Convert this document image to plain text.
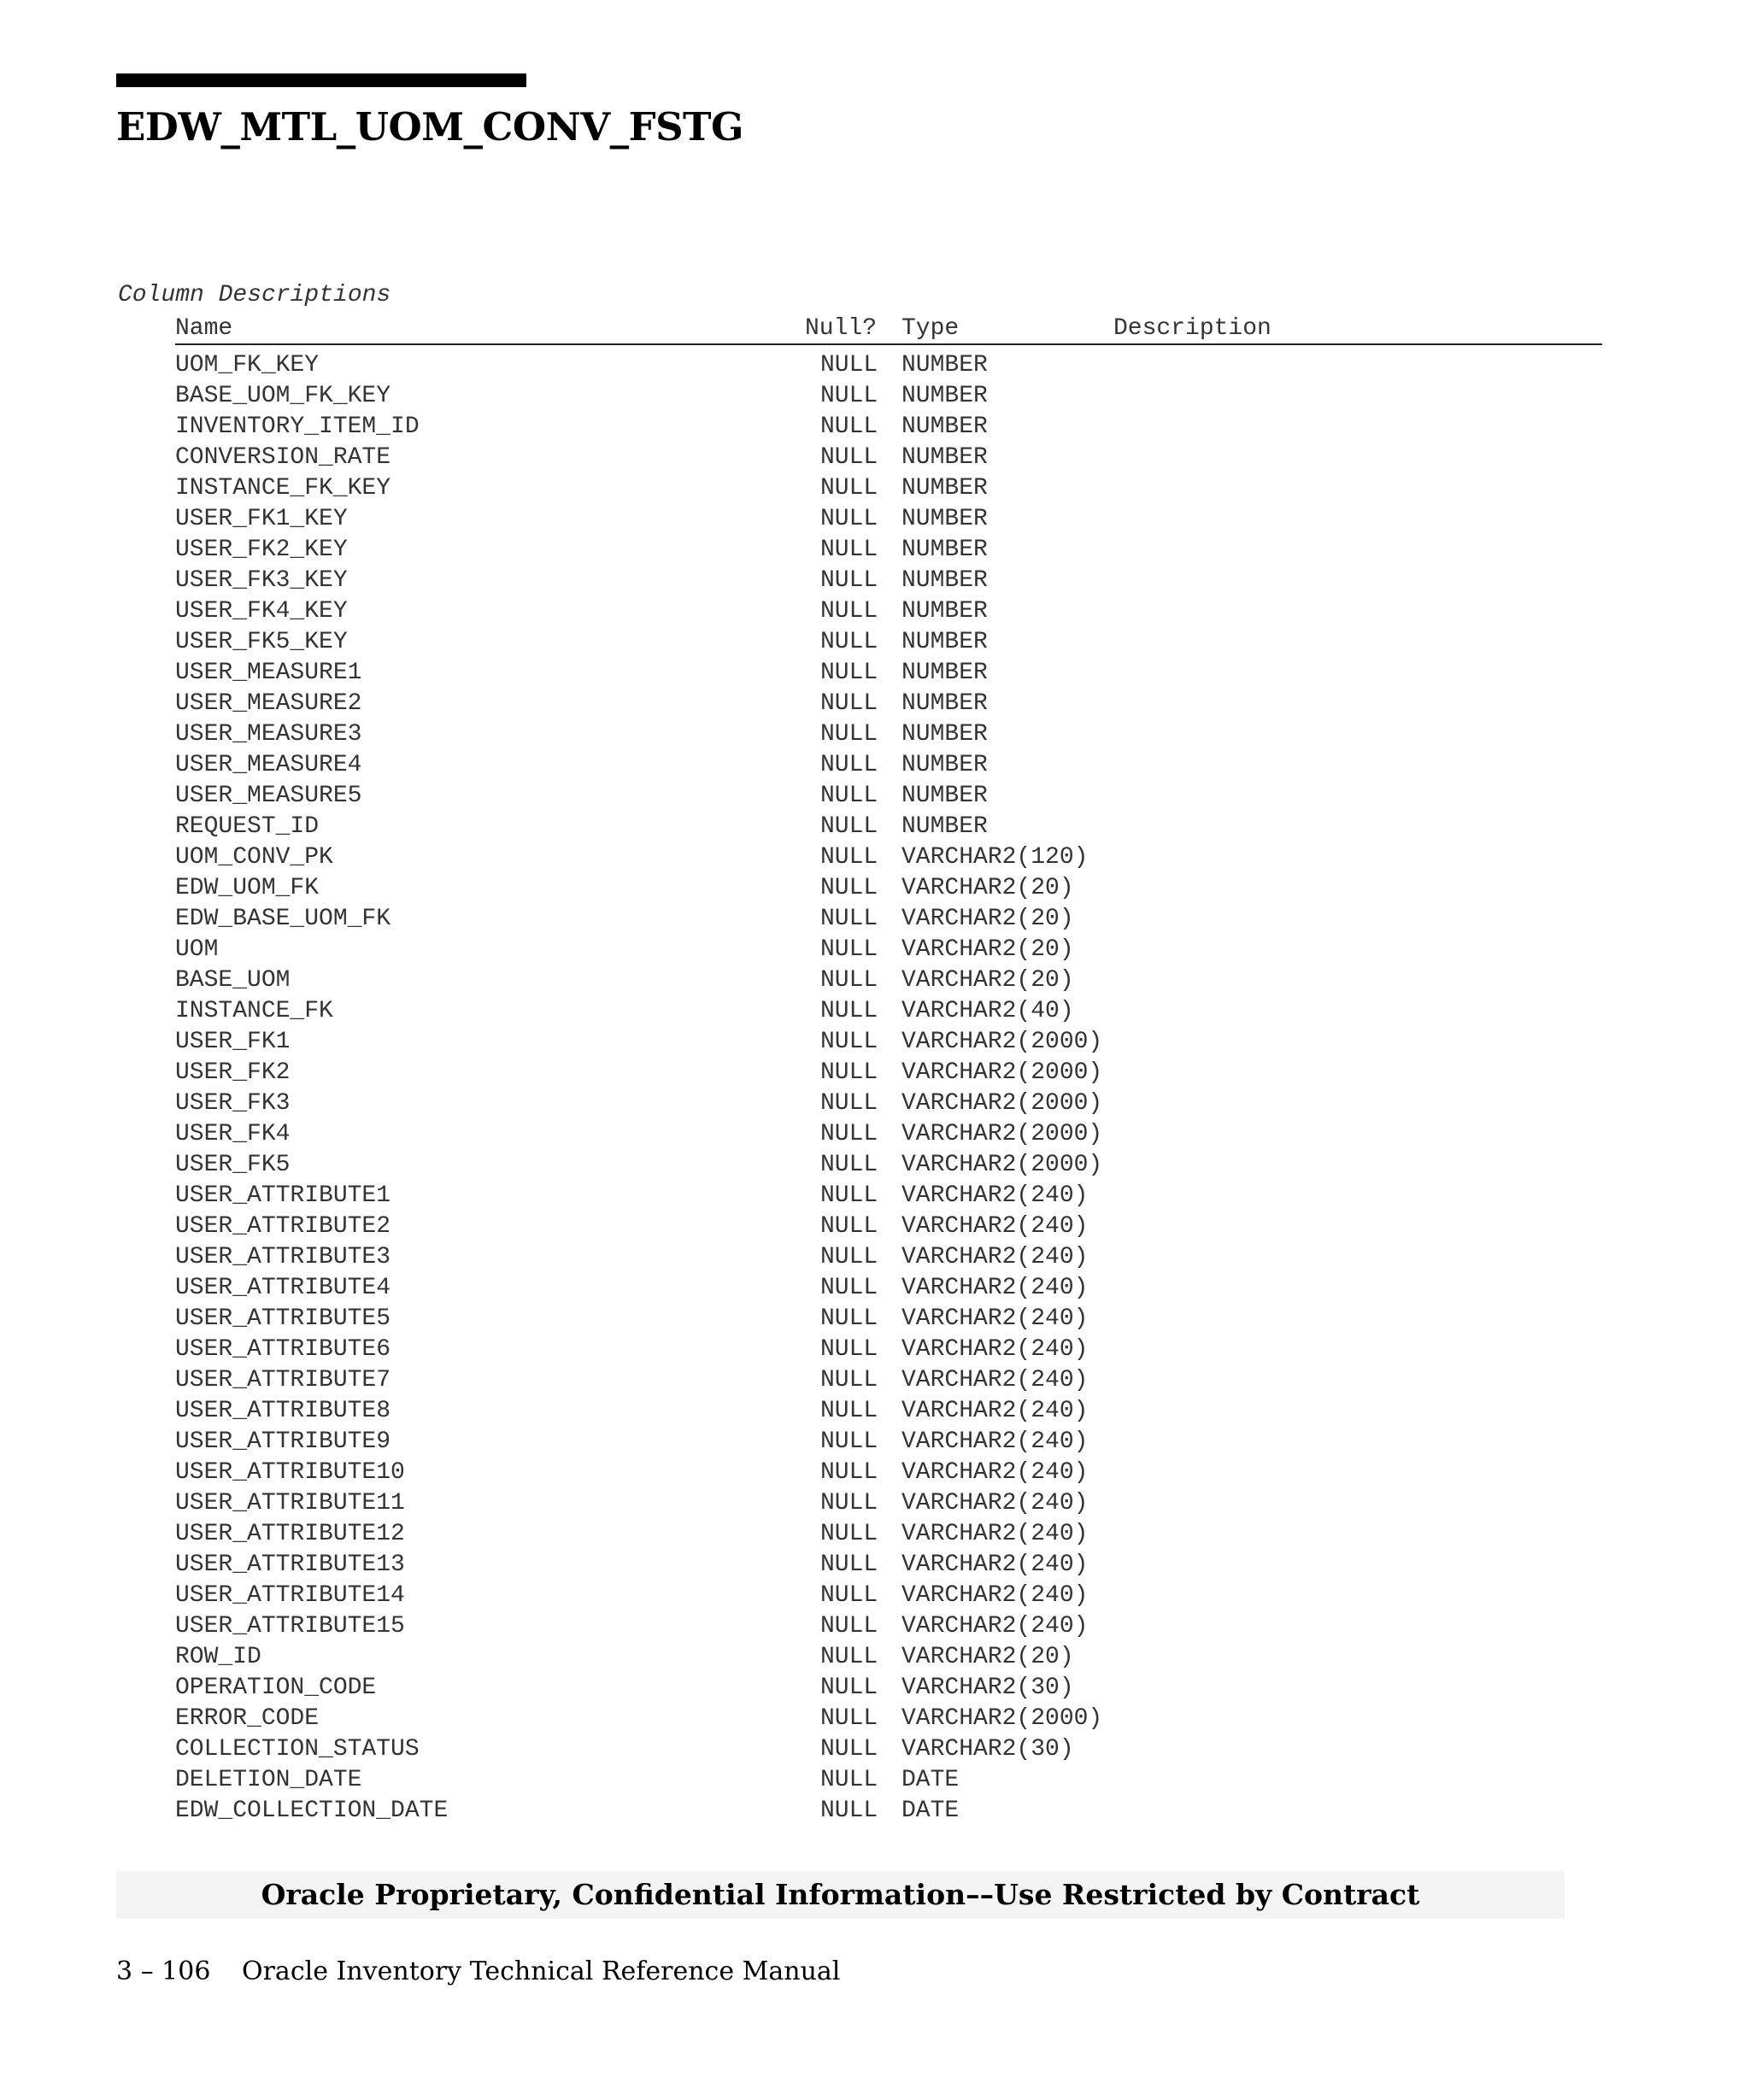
EDW_MTL_UOM_CONV_FSTG
Column Descriptions
Name	Null? Type	Description
UOM_FK_KEY	NULL NUMBER
BASE_UOM_FK_KEY	NULL NUMBER
INVENTORY_ITEM_ID	NULL NUMBER
CONVERSION_RATE	NULL NUMBER
INSTANCE_FK_KEY	NULL NUMBER
USER_FK1_KEY	NULL NUMBER
USER_FK2_KEY	NULL NUMBER
USER_FK3_KEY	NULL NUMBER
USER_FK4_KEY	NULL NUMBER
USER_FK5_KEY	NULL NUMBER
USER_MEASURE1	NULL NUMBER
USER_MEASURE2	NULL NUMBER
USER_MEASURE3	NULL NUMBER
USER_MEASURE4	NULL NUMBER
USER_MEASURE5	NULL NUMBER
REQUEST_ID	NULL NUMBER
UOM_CONV_PK	NULL VARCHAR2(120)
EDW_UOM_FK	NULL VARCHAR2(20)
EDW_BASE_UOM_FK	NULL VARCHAR2(20)
UOM	NULL VARCHAR2(20)
BASE_UOM	NULL VARCHAR2(20)
INSTANCE_FK	NULL VARCHAR2(40)
USER_FK1	NULL VARCHAR2(2000)
USER_FK2	NULL VARCHAR2(2000)
USER_FK3	NULL VARCHAR2(2000)
USER_FK4	NULL VARCHAR2(2000)
USER_FK5	NULL VARCHAR2(2000)
USER_ATTRIBUTE1	NULL VARCHAR2(240)
USER_ATTRIBUTE2	NULL VARCHAR2(240)
USER_ATTRIBUTE3	NULL VARCHAR2(240)
USER_ATTRIBUTE4	NULL VARCHAR2(240)
USER_ATTRIBUTE5	NULL VARCHAR2(240)
USER_ATTRIBUTE6	NULL VARCHAR2(240)
USER_ATTRIBUTE7	NULL VARCHAR2(240)
USER_ATTRIBUTE8	NULL VARCHAR2(240)
USER_ATTRIBUTE9	NULL VARCHAR2(240)
USER_ATTRIBUTE10	NULL VARCHAR2(240)
USER_ATTRIBUTE11	NULL VARCHAR2(240)
USER_ATTRIBUTE12	NULL VARCHAR2(240)
USER_ATTRIBUTE13	NULL VARCHAR2(240)
USER_ATTRIBUTE14	NULL VARCHAR2(240)
USER_ATTRIBUTE15	NULL VARCHAR2(240)
ROW_ID	NULL VARCHAR2(20)
OPERATION_CODE	NULL VARCHAR2(30)
ERROR_CODE	NULL VARCHAR2(2000)
COLLECTION_STATUS	NULL VARCHAR2(30)
DELETION_DATE	NULL DATE
EDW_COLLECTION_DATE	NULL DATE
Oracle Proprietary, Confidential Information––Use Restricted by Contract
3 – 106 Oracle Inventory Technical Reference Manual
